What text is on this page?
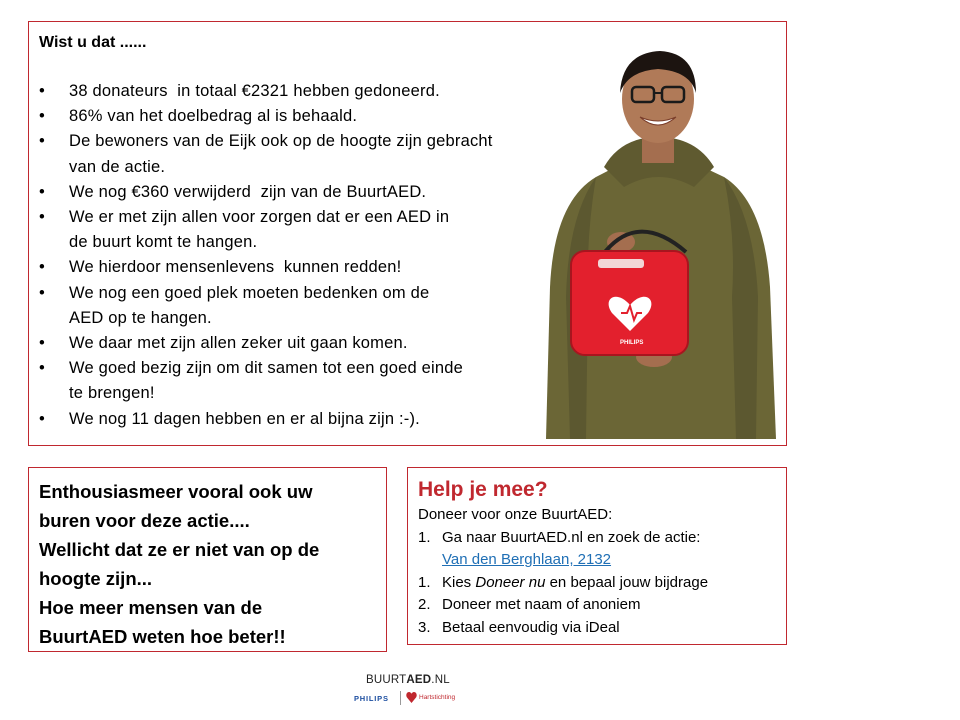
Wist u dat ......
• 38 donateurs  in totaal €2321 hebben gedoneerd.
• 86% van het doelbedrag al is behaald.
• De bewoners van de Eijk ook op de hoogte zijn gebracht
van de actie.
• We nog €360 verwijderd  zijn van de BuurtAED.
• We er met zijn allen voor zorgen dat er een AED in
de buurt komt te hangen.
• We hierdoor mensenlevens  kunnen redden!
• We nog een goed plek moeten bedenken om de
AED op te hangen.
• We daar met zijn allen zeker uit gaan komen.
• We goed bezig zijn om dit samen tot een goed einde
te brengen!
• We nog 11 dagen hebben en er al bijna zijn :-).
PHILIPS
Enthousiasmeer vooral ook uw
buren voor deze actie....
Wellicht dat ze er niet van op de
hoogte zijn...
Hoe meer mensen van de
BuurtAED weten hoe beter!!
Help je mee?
Doneer voor onze BuurtAED:
1. Ga naar BuurtAED.nl en zoek de actie:
Van den Berghlaan, 2132
1. Kies Doneer nu en bepaal jouw bijdrage
2. Doneer met naam of anoniem
3. Betaal eenvoudig via iDeal
BUURTAED.NL
PHILIPS	Hartstichting
